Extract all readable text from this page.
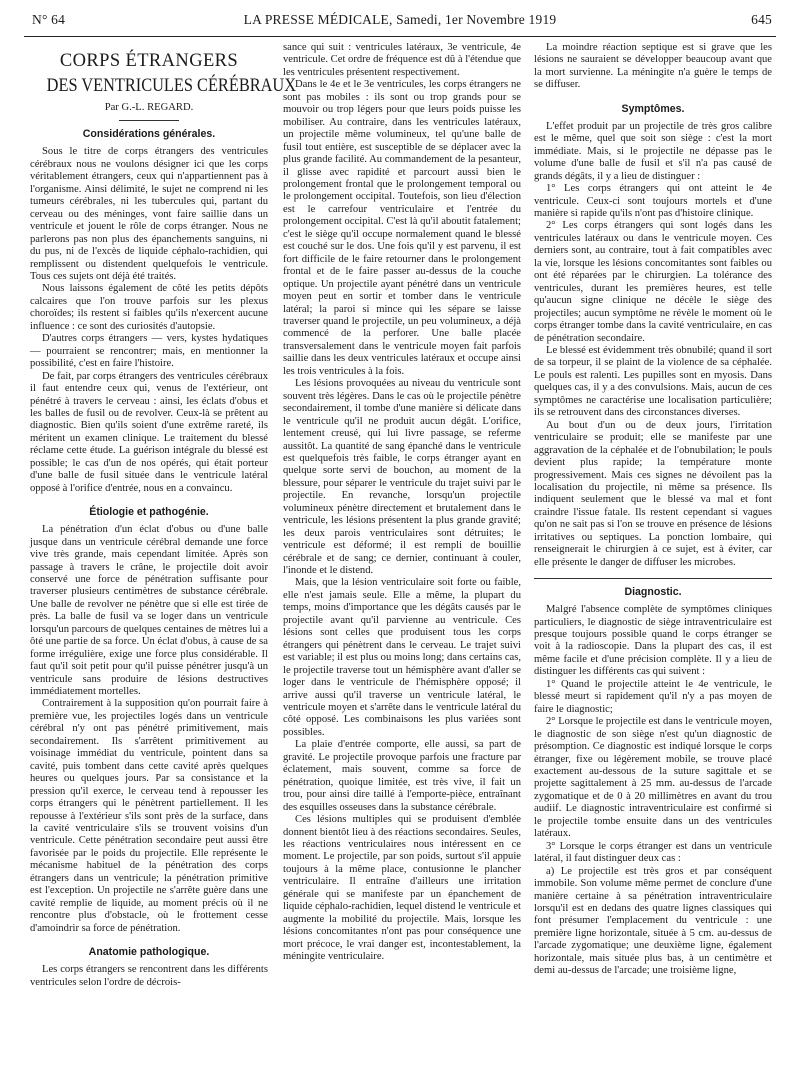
N° 64	LA PRESSE MÉDICALE, Samedi, 1er Novembre 1919	645
CORPS ÉTRANGERS
DES VENTRICULES CÉRÉBRAUX
Par G.-L. REGARD.
Considérations générales.

Sous le titre de corps étrangers des ventricules cérébraux nous ne voulons désigner ici que les corps véritablement étrangers, ceux qui n'appartiennent pas à l'organisme. Ainsi délimité, le sujet ne comprend ni les tumeurs cérébrales, ni les tubercules qui, partant du cerveau ou des méninges, vont faire saillie dans un ventricule et jouent le rôle de corps étranger. Nous ne parlerons pas non plus des épanchements sanguins, ni du pus, ni de l'excès de liquide céphalo-rachidien, qui remplissent ou distendent quelquefois le ventricule. Tous ces sujets ont déjà été traités.

Nous laissons également de côté les petits dépôts calcaires que l'on trouve parfois sur les plexus choroïdes; ils restent si faibles qu'ils n'exercent aucune influence : ce sont des curiosités d'autopsie.

D'autres corps étrangers — vers, kystes hydatiques — pourraient se rencontrer; mais, en mentionner la possibilité, c'est en faire l'histoire.

De fait, par corps étrangers des ventricules cérébraux il faut entendre ceux qui, venus de l'extérieur, ont pénétré à travers le cerveau : ainsi, les éclats d'obus et les balles de fusil ou de revolver. Ceux-là se prêtent au diagnostic. Bien qu'ils soient d'une extrême rareté, ils méritent un examen clinique. Le traitement du blessé réclame cette étude. La guérison intégrale du blessé est possible; le cas d'un de nos opérés, qui était porteur d'une balle de fusil située dans le ventricule latéral opposé à l'orifice d'entrée, nous en a convaincu.

Étiologie et pathogénie.

La pénétration d'un éclat d'obus ou d'une balle jusque dans un ventricule cérébral demande une force vive très grande, mais cependant limitée. Après son passage à travers le crâne, le projectile doit avoir conservé une force de pénétration suffisante pour traverser plusieurs centimètres de substance cérébrale. Une balle de revolver ne pénètre que si elle est tirée de près. La balle de fusil va se loger dans un ventricule lorsqu'un parcours de quelques centaines de mètres lui a ôté une partie de sa force. Un éclat d'obus, à cause de sa forme irrégulière, exige une force plus considérable. Il faut qu'il soit petit pour qu'il puisse pénétrer jusqu'à un ventricule sans produire de lésions destructives immédiatement mortelles.

Contrairement à la supposition qu'on pourrait faire à première vue, les projectiles logés dans un ventricule cérébral n'y ont pas pénétré primitivement, mais secondairement. Ils s'arrêtent primitivement au voisinage immédiat du ventricule, pointent dans sa cavité, puis tombent dans cette cavité après quelques heures ou quelques jours. Par sa consistance et la pression qu'il exerce, le cerveau tend à repousser les corps étrangers qui le pénètrent partiellement. Il les repousse à l'extérieur s'ils sont près de la surface, dans la cavité ventriculaire s'ils se trouvent voisins d'un ventricule. Cette pénétration secondaire peut aussi être favorisée par le poids du projectile. Elle représente le mécanisme habituel de la pénétration des corps étrangers dans un ventricule; la pénétration primitive est l'exception. Un projectile ne s'arrête guère dans une cavité remplie de liquide, au moment précis où il ne rencontre plus d'obstacle, où le frottement cesse d'amoindrir sa force de pénétration.

Anatomie pathologique.

Les corps étrangers se rencontrent dans les différents ventricules selon l'ordre de décrois-

sance qui suit : ventricules latéraux, 3e ventricule, 4e ventricule. Cet ordre de fréquence est dû à l'étendue que les ventricules présentent respectivement.

Dans le 4e et le 3e ventricules, les corps étrangers ne sont pas mobiles : ils sont ou trop grands pour se mouvoir ou trop légers pour que leurs poids puisse les mobiliser. Au contraire, dans les ventricules latéraux, un projectile même volumineux, tel qu'une balle de fusil tout entière, est susceptible de se déplacer avec la plus grande facilité. Au commandement de la pesanteur, il glisse avec rapidité et parcourt aussi bien le prolongement frontal que le prolongement temporal ou le prolongement occipital. Toutefois, son lieu d'élection est le carrefour ventriculaire et l'entrée du prolongement occipital. C'est là qu'il aboutit fatalement; c'est le siège qu'il occupe normalement quand le blessé est couché sur le dos. Une fois qu'il y est parvenu, il est fort difficile de le faire retourner dans le prolongement frontal et de le faire passer au-dessus de la couche optique. Un projectile ayant pénétré dans un ventricule moyen peut en sortir et tomber dans le ventricule latéral; la paroi si mince qui les sépare se laisse traverser quand le projectile, un peu volumineux, a déjà commencé de la perforer. Une balle placée transversalement dans le ventricule moyen fait parfois saillie dans les deux ventricules latéraux et occupe ainsi les trois ventricules à la fois.

Les lésions provoquées au niveau du ventricule sont souvent très légères. Dans le cas où le projectile pénètre secondairement, il tombe d'une manière si délicate dans le ventricule qu'il ne produit aucun dégât. L'orifice, lentement creusé, qui lui livre passage, se referme aussitôt. La quantité de sang épanché dans le ventricule est quelquefois très faible, le corps étranger ayant en quelque sorte servi de bouchon, au moment de la blessure, pour séparer le ventricule du trajet suivi par le projectile. En revanche, lorsqu'un projectile volumineux pénètre directement et brutalement dans le ventricule, les lésions présentent la plus grande gravité; les deux parois ventriculaires sont détruites; le ventricule est déformé; il est rempli de bouillie cérébrale et de sang; ce dernier, continuant à couler, l'inonde et le distend.

Mais, que la lésion ventriculaire soit forte ou faible, elle n'est jamais seule. Elle a même, la plupart du temps, moins d'importance que les dégâts causés par le projectile avant qu'il parvienne au ventricule. Ces lésions sont celles que produisent tous les corps étrangers qui pénètrent dans le cerveau. Le trajet suivi est variable; il est plus ou moins long; dans certains cas, le projectile traverse tout un hémisphère avant d'aller se loger dans le ventricule de l'hémisphère opposé; il arrive aussi qu'il traverse un ventricule latéral, le ventricule moyen et s'arrête dans le ventricule latéral du côté opposé. Les combinaisons les plus variées sont possibles.

La plaie d'entrée comporte, elle aussi, sa part de gravité. Le projectile provoque parfois une fracture par éclatement, mais souvent, comme sa force de pénétration, quoique limitée, est très vive, il fait un trou, pour ainsi dire taillé à l'emporte-pièce, entraînant des esquilles osseuses dans la substance cérébrale.

Ces lésions multiples qui se produisent d'emblée donnent bientôt lieu à des réactions secondaires. Seules, les réactions ventriculaires nous intéressent en ce moment. Le projectile, par son poids, surtout s'il appuie toujours à la même place, contusionne le plancher ventriculaire. Il entraîne d'ailleurs une irritation générale qui se manifeste par un épanchement de liquide céphalo-rachidien, lequel distend le ventricule et augmente la mobilité du projectile. Mais, lorsque les lésions concomitantes n'ont pas pour conséquence une mort précoce, le vrai danger est, incontestablement, la méningite ventriculaire.

La moindre réaction septique est si grave que les lésions ne sauraient se développer beaucoup avant que la mort survienne. La méningite n'a guère le temps de se diffuser.

Symptômes.

L'effet produit par un projectile de très gros calibre est le même, quel que soit son siège : c'est la mort immédiate. Mais, si le projectile ne dépasse pas le volume d'une balle de fusil et s'il n'a pas causé de grands dégâts, il y a lieu de distinguer :

1° Les corps étrangers qui ont atteint le 4e ventricule. Ceux-ci sont toujours mortels et d'une manière si rapide qu'ils n'ont pas d'histoire clinique.

2° Les corps étrangers qui sont logés dans les ventricules latéraux ou dans le ventricule moyen. Ces derniers sont, au contraire, tout à fait compatibles avec la vie, lorsque les lésions concomitantes sont faibles ou ont été réparées par le chirurgien. La tolérance des ventricules, durant les premières heures, est telle qu'aucun signe clinique ne décèle le siège des projectiles; aucun symptôme ne révèle le moment où le corps étranger tombe dans la cavité ventriculaire, en cas de pénétration secondaire.

Le blessé est évidemment très obnubilé; quand il sort de sa torpeur, il se plaint de la violence de sa céphalée. Le pouls est ralenti. Les pupilles sont en myosis. Dans quelques cas, il y a des convulsions. Mais, aucun de ces symptômes ne caractérise une localisation particulière; ils se retrouvent dans des circonstances diverses.

Au bout d'un ou de deux jours, l'irritation ventriculaire se produit; elle se manifeste par une aggravation de la céphalée et de l'obnubilation; le pouls devient plus rapide; la température monte progressivement. Mais ces signes ne dévoilent pas la localisation du projectile, ni même sa présence. Ils indiquent seulement que le blessé va mal et font craindre l'issue fatale. Ils restent cependant si vagues qu'on ne sait pas si l'on se trouve en présence de lésions irritatives ou septiques. La ponction lombaire, qui renseignerait le chirurgien à ce sujet, est à éviter, car elle présente le danger de diffuser les microbes.

Diagnostic.

Malgré l'absence complète de symptômes cliniques particuliers, le diagnostic de siège intraventriculaire est presque toujours possible quand le corps étranger se voit à la radioscopie. Dans la plupart des cas, il est même facile et d'une précision complète. Il y a lieu de distinguer les différents cas qui suivent :

1° Quand le projectile atteint le 4e ventricule, le blessé meurt si rapidement qu'il n'y a pas moyen de faire le diagnostic;

2° Lorsque le projectile est dans le ventricule moyen, le diagnostic de son siège n'est qu'un diagnostic de présomption. Ce diagnostic est indiqué lorsque le corps étranger, fixe ou légèrement mobile, se trouve placé exactement au-dessous de la suture sagittale et se projette sagittalement à 25 mm. au-dessus de l'arcade zygomatique et de 0 à 20 millimètres en avant du trou audiif. Le diagnostic intraventriculaire est confirmé si le projectile tombe ensuite dans un des ventricules latéraux.

3° Lorsque le corps étranger est dans un ventricule latéral, il faut distinguer deux cas :

a) Le projectile est très gros et par conséquent immobile. Son volume même permet de conclure d'une manière certaine à sa pénétration intraventriculaire lorsqu'il est en dedans des quatre lignes classiques qui font présumer l'emplacement du ventricule : une première ligne horizontale, située à 5 cm. au-dessus de l'arcade zygomatique; une deuxième ligne, également horizontale, mais située plus bas, à un centimètre et demi au-dessus de l'arcade; une troisième ligne,
